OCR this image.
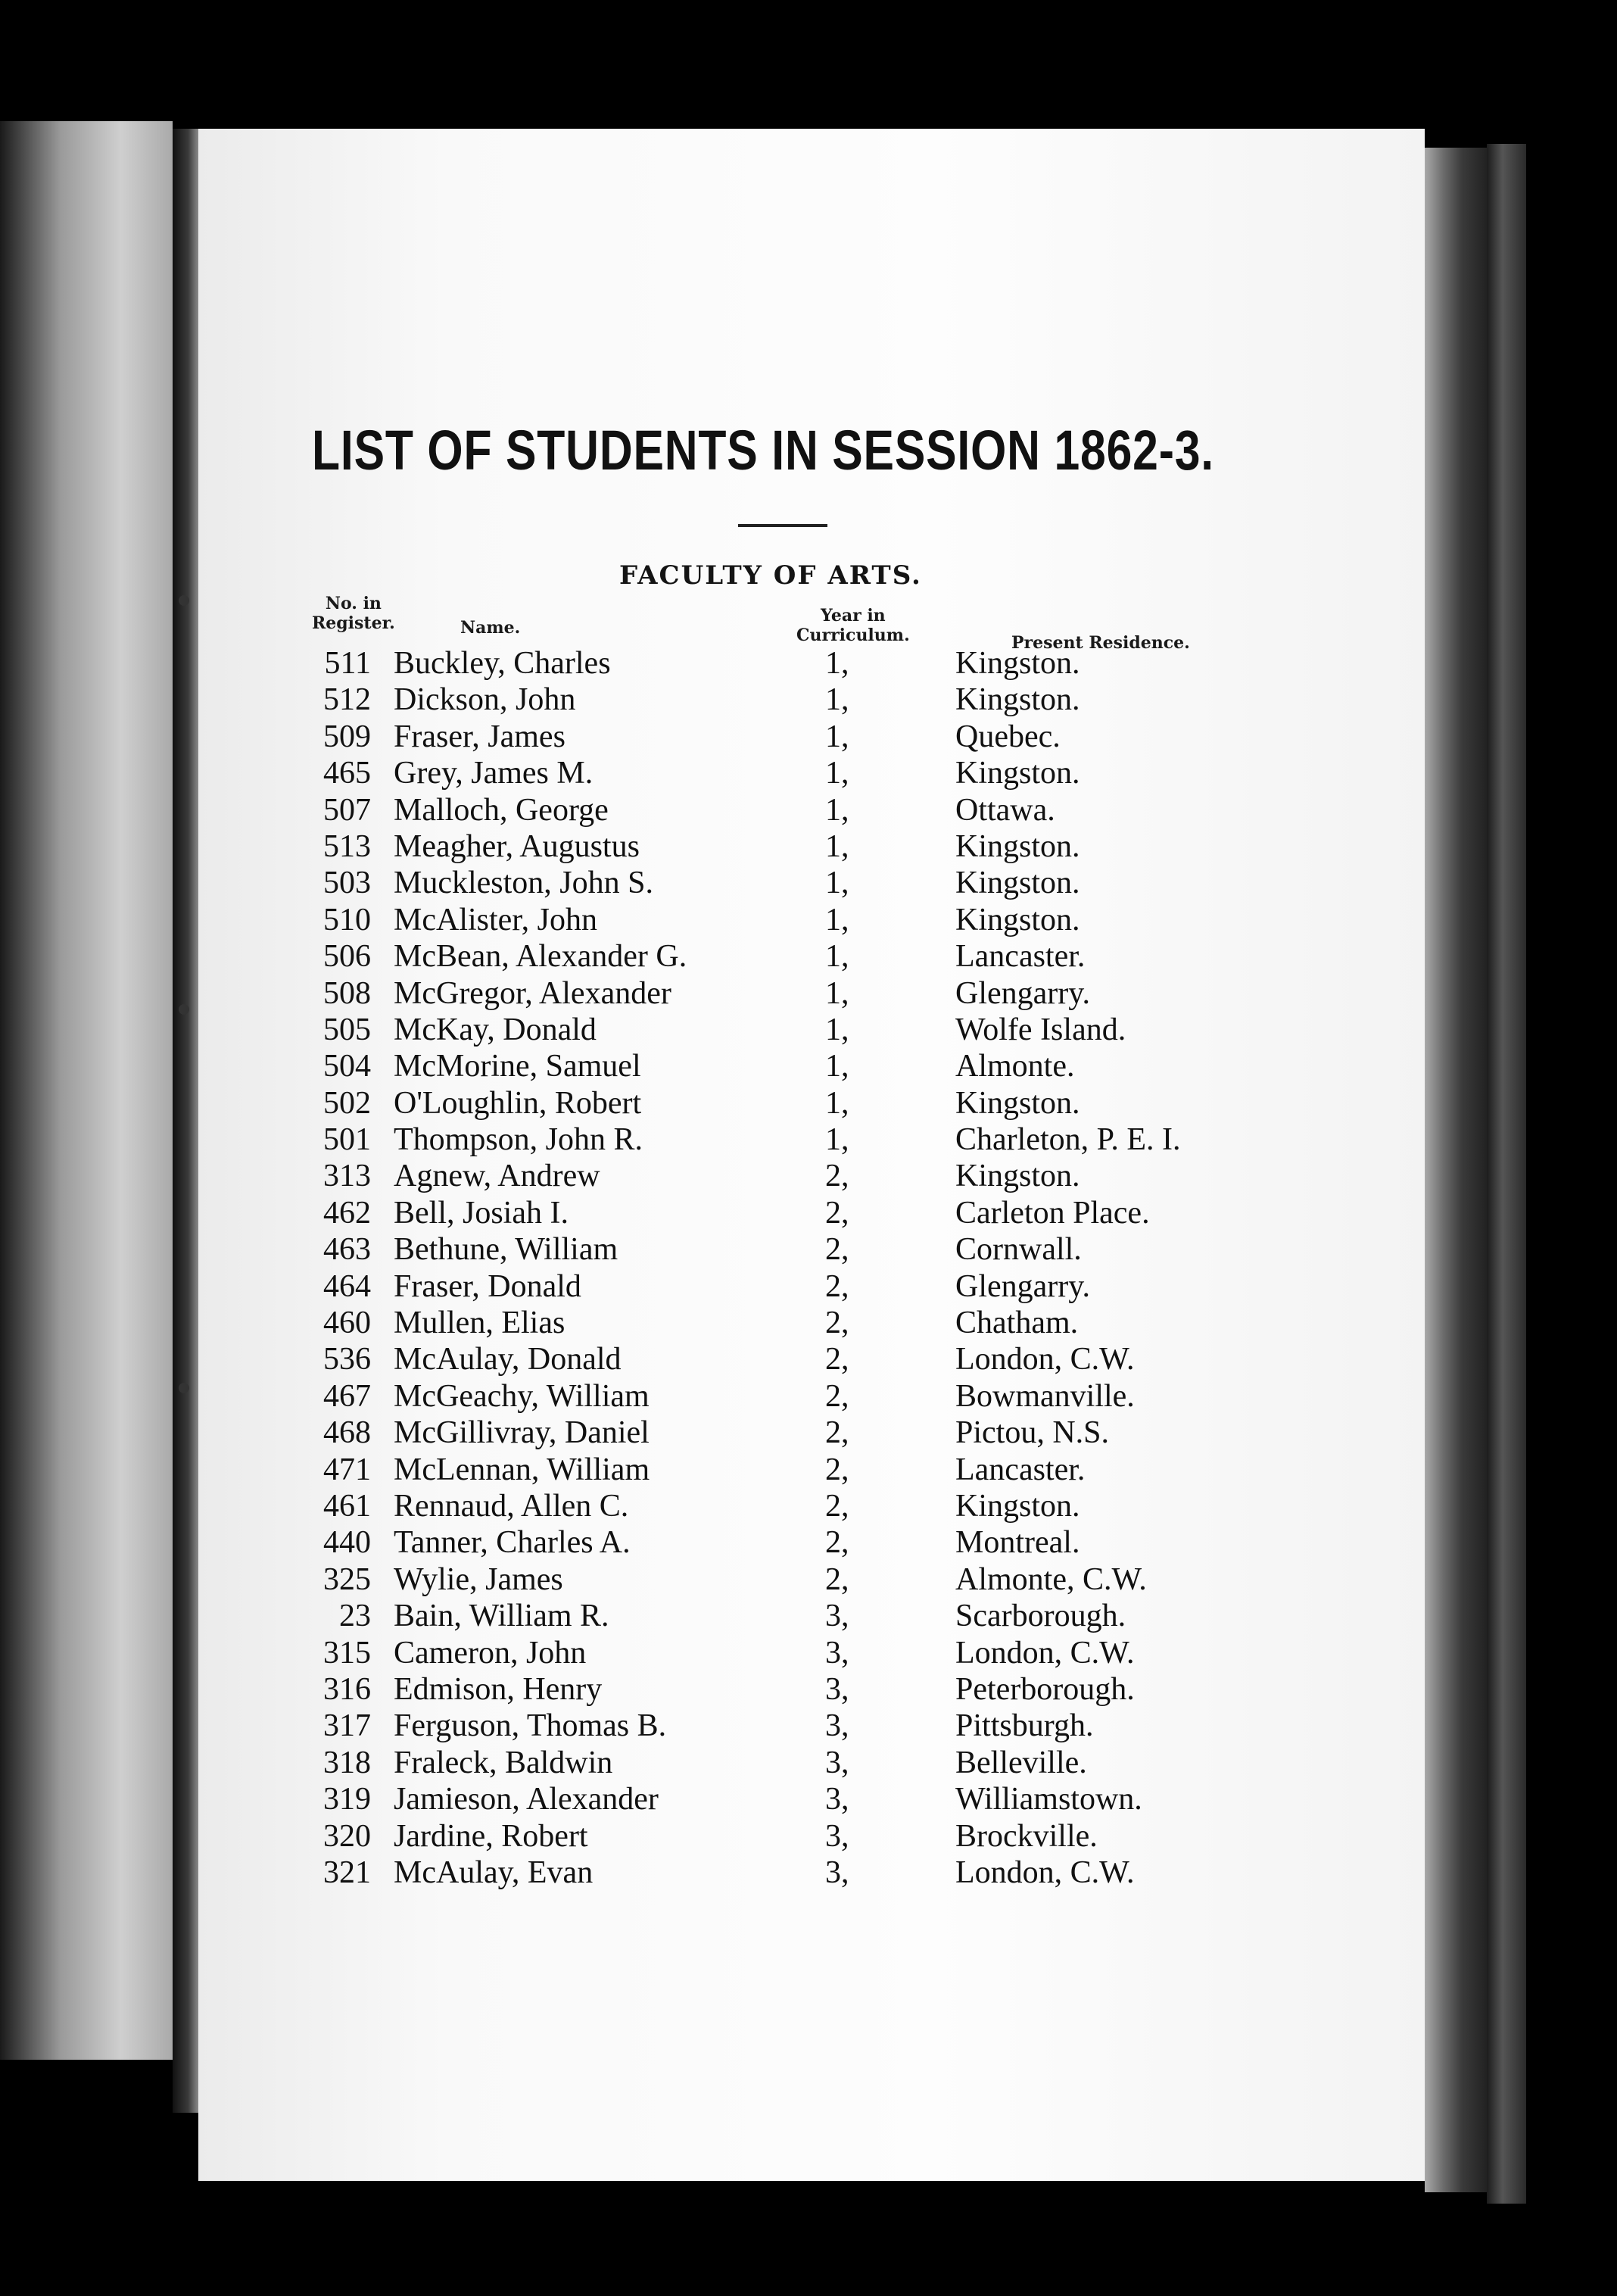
LIST OF STUDENTS IN SESSION 1862-3.
FACULTY OF ARTS.
No. in
Register.	Name.
Year in
Curriculum.	Present Residence.
511 Buckley, Charles	1,	Kingston.
512 Dickson, John	1,	Kingston.
509 Fraser, James	1,	Quebec.
465 Grey, James M.	1,	Kingston.
507 Malloch, George	1,	Ottawa.
513 Meagher, Augustus	1,	Kingston.
503 Muckleston, John S.	1,	Kingston.
510 McAlister, John	1,	Kingston.
506 McBean, Alexander G.	1,	Lancaster.
508 McGregor, Alexander	1,	Glengarry.
505 McKay, Donald	1,	Wolfe Island.
504 McMorine, Samuel	1,	Almonte.
502 O'Loughlin, Robert	1,	Kingston.
501 Thompson, John R.	1,	Charleton, P. E. I.
313 Agnew, Andrew	2,	Kingston.
462 Bell, Josiah I.	2,	Carleton Place.
463 Bethune, William	2,	Cornwall.
464 Fraser, Donald	2,	Glengarry.
460 Mullen, Elias	2,	Chatham.
536 McAulay, Donald	2,	London, C.W.
467 McGeachy, William	2,	Bowmanville.
468 McGillivray, Daniel	2,	Pictou, N.S.
471 McLennan, William	2,	Lancaster.
461 Rennaud, Allen C.	2,	Kingston.
440 Tanner, Charles A.	2,	Montreal.
325 Wylie, James	2,	Almonte, C.W.
23 Bain, William R.	3,	Scarborough.
315 Cameron, John	3,	London, C.W.
316 Edmison, Henry	3,	Peterborough.
317 Ferguson, Thomas B.	3,	Pittsburgh.
318 Fraleck, Baldwin	3,	Belleville.
319 Jamieson, Alexander	3,	Williamstown.
320 Jardine, Robert	3,	Brockville.
321 McAulay, Evan	3,	London, C.W.
